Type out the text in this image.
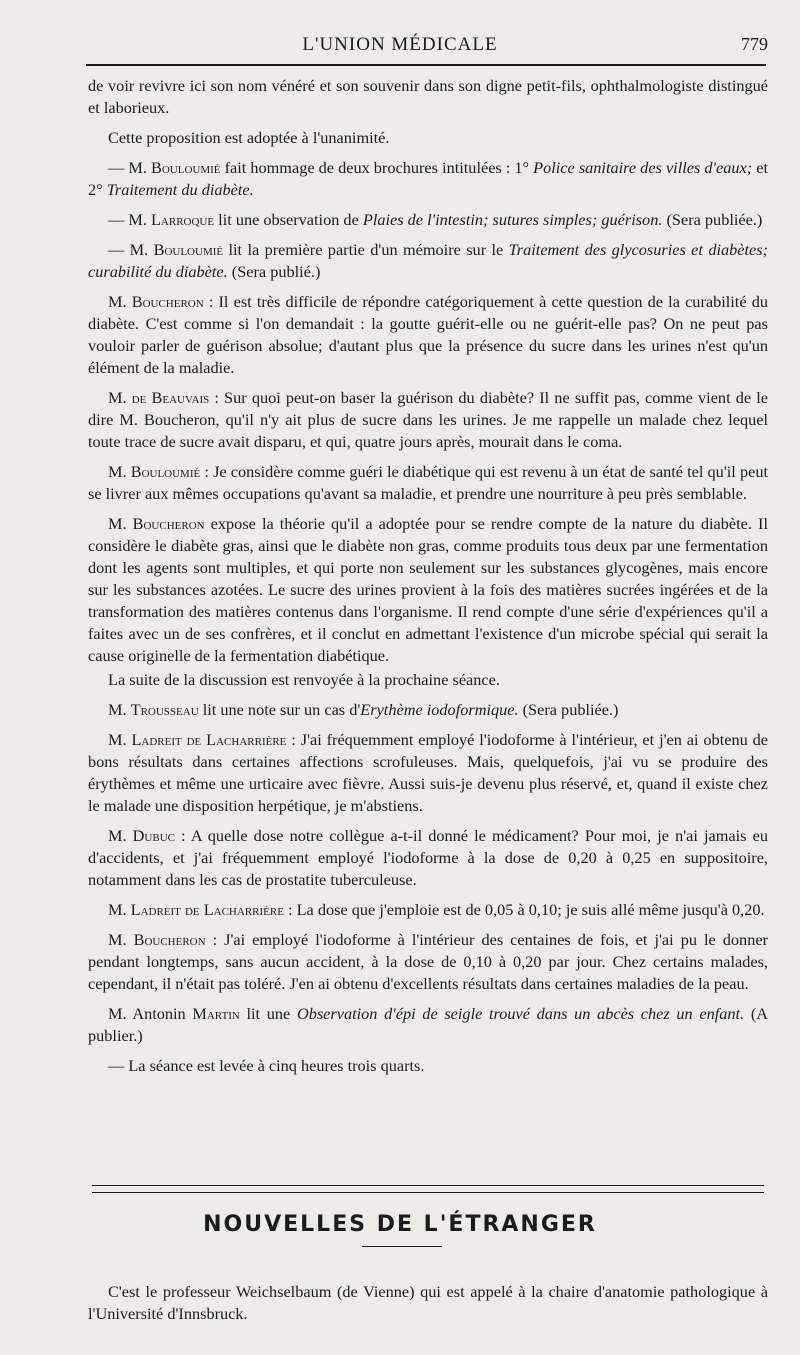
L'UNION MÉDICALE	779

de voir revivre ici son nom vénéré et son souvenir dans son digne petit-fils, ophthalmologiste distingué et laborieux.

Cette proposition est adoptée à l'unanimité.

— M. Bouloumié fait hommage de deux brochures intitulées : 1° Police sanitaire des villes d'eaux; et 2° Traitement du diabète.

— M. Larroque lit une observation de Plaies de l'intestin; sutures simples; guérison. (Sera publiée.)

— M. Bouloumié lit la première partie d'un mémoire sur le Traitement des glycosuries et diabètes; curabilité du diabète. (Sera publié.)

M. Boucheron : Il est très difficile de répondre catégoriquement à cette question de la curabilité du diabète. C'est comme si l'on demandait : la goutte guérit-elle ou ne guérit-elle pas? On ne peut pas vouloir parler de guérison absolue; d'autant plus que la présence du sucre dans les urines n'est qu'un élément de la maladie.

M. de Beauvais : Sur quoi peut-on baser la guérison du diabète? Il ne suffit pas, comme vient de le dire M. Boucheron, qu'il n'y ait plus de sucre dans les urines. Je me rappelle un malade chez lequel toute trace de sucre avait disparu, et qui, quatre jours après, mourait dans le coma.

M. Bouloumié : Je considère comme guéri le diabétique qui est revenu à un état de santé tel qu'il peut se livrer aux mêmes occupations qu'avant sa maladie, et prendre une nourriture à peu près semblable.

M. Boucheron expose la théorie qu'il a adoptée pour se rendre compte de la nature du diabète. Il considère le diabète gras, ainsi que le diabète non gras, comme produits tous deux par une fermentation dont les agents sont multiples, et qui porte non seulement sur les substances glycogènes, mais encore sur les substances azotées. Le sucre des urines provient à la fois des matières sucrées ingérées et de la transformation des matières contenus dans l'organisme. Il rend compte d'une série d'expériences qu'il a faites avec un de ses confrères, et il conclut en admettant l'existence d'un microbe spécial qui serait la cause originelle de la fermentation diabétique.

La suite de la discussion est renvoyée à la prochaine séance.

M. Trousseau lit une note sur un cas d'Erythème iodoformique. (Sera publiée.)

M. Ladreit de Lacharrière : J'ai fréquemment employé l'iodoforme à l'intérieur, et j'en ai obtenu de bons résultats dans certaines affections scrofuleuses. Mais, quelquefois, j'ai vu se produire des érythèmes et même une urticaire avec fièvre. Aussi suis-je devenu plus réservé, et, quand il existe chez le malade une disposition herpétique, je m'abstiens.

M. Dubuc : A quelle dose notre collègue a-t-il donné le médicament? Pour moi, je n'ai jamais eu d'accidents, et j'ai fréquemment employé l'iodoforme à la dose de 0,20 à 0,25 en suppositoire, notamment dans les cas de prostatite tuberculeuse.

M. Ladreit de Lacharrière : La dose que j'emploie est de 0,05 à 0,10; je suis allé même jusqu'à 0,20.

M. Boucheron : J'ai employé l'iodoforme à l'intérieur des centaines de fois, et j'ai pu le donner pendant longtemps, sans aucun accident, à la dose de 0,10 à 0,20 par jour. Chez certains malades, cependant, il n'était pas toléré. J'en ai obtenu d'excellents résultats dans certaines maladies de la peau.

M. Antonin Martin lit une Observation d'épi de seigle trouvé dans un abcès chez un enfant. (A publier.)

— La séance est levée à cinq heures trois quarts.

NOUVELLES DE L'ÉTRANGER

C'est le professeur Weichselbaum (de Vienne) qui est appelé à la chaire d'anatomie pathologique à l'Université d'Innsbruck.
